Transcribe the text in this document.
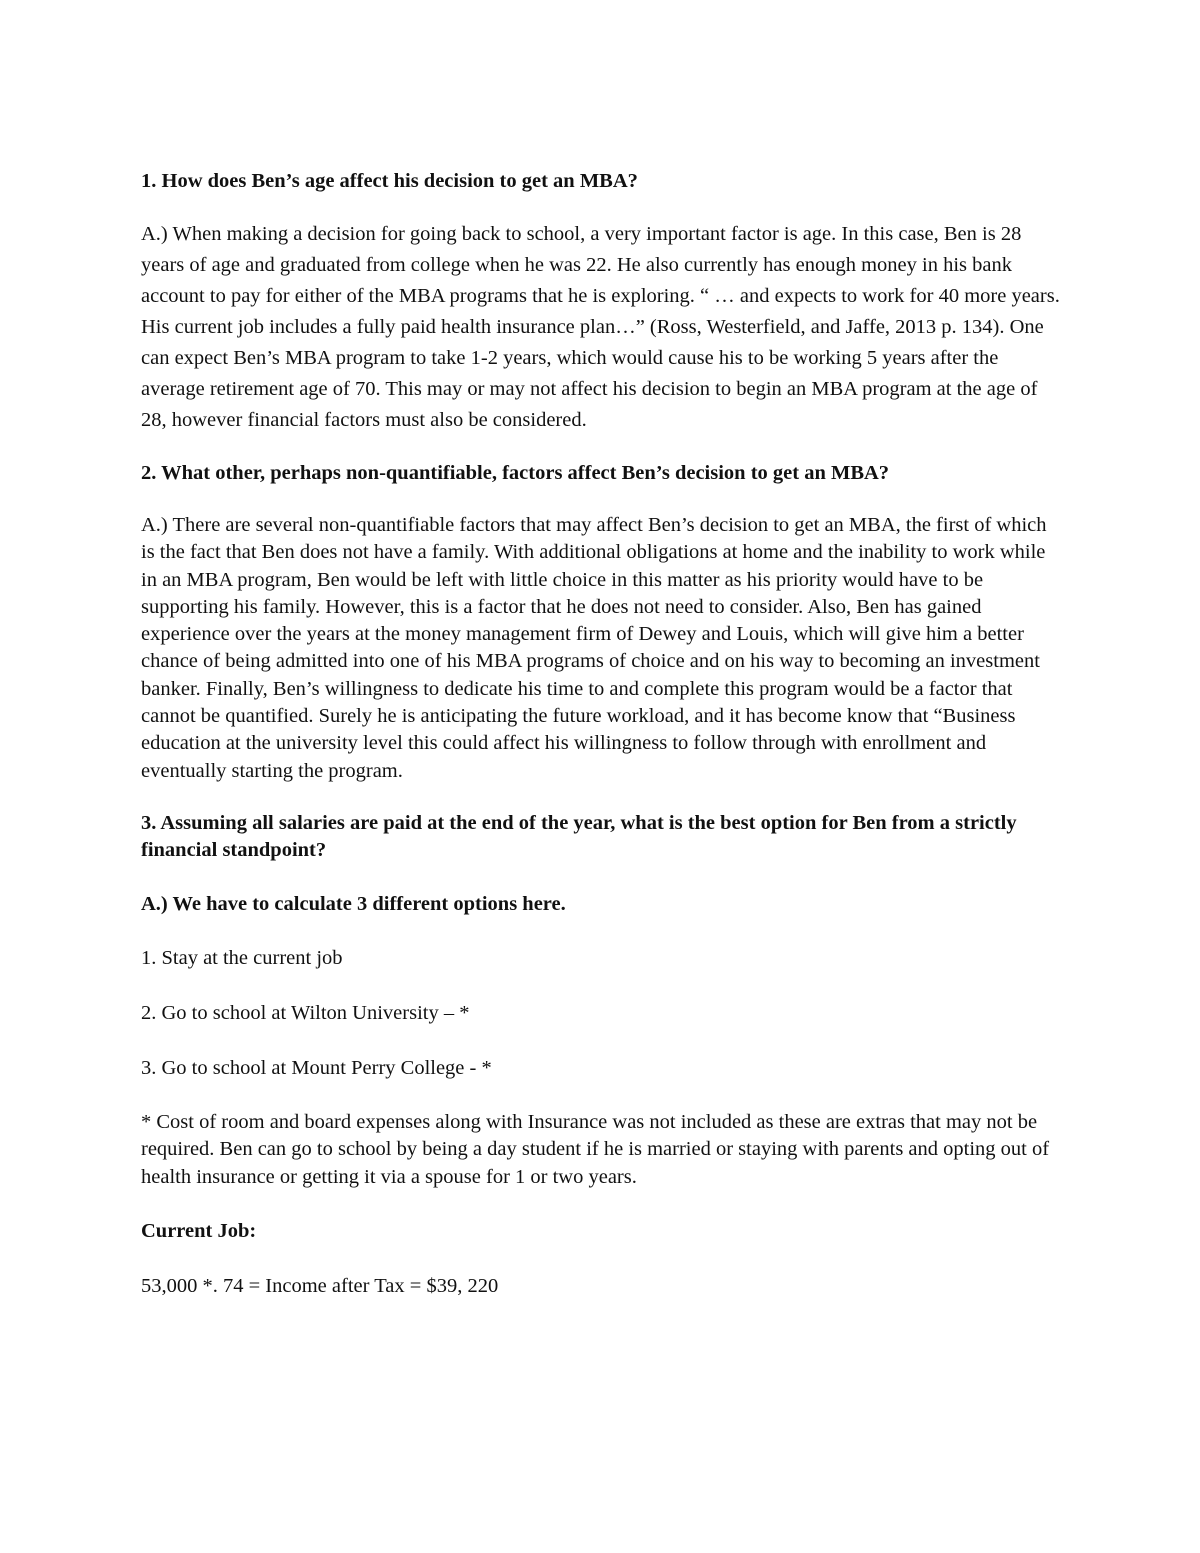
1. How does Ben’s age affect his decision to get an MBA?

A.) When making a decision for going back to school, a very important factor is age. In this case, Ben is 28 years of age and graduated from college when he was 22. He also currently has enough money in his bank account to pay for either of the MBA programs that he is exploring. “ … and expects to work for 40 more years. His current job includes a fully paid health insurance plan…” (Ross, Westerfield, and Jaffe, 2013 p. 134). One can expect Ben’s MBA program to take 1-2 years, which would cause his to be working 5 years after the average retirement age of 70. This may or may not affect his decision to begin an MBA program at the age of 28, however financial factors must also be considered.

2. What other, perhaps non-quantifiable, factors affect Ben’s decision to get an MBA?

A.) There are several non-quantifiable factors that may affect Ben’s decision to get an MBA, the first of which is the fact that Ben does not have a family. With additional obligations at home and the inability to work while in an MBA program, Ben would be left with little choice in this matter as his priority would have to be supporting his family. However, this is a factor that he does not need to consider. Also, Ben has gained experience over the years at the money management firm of Dewey and Louis, which will give him a better chance of being admitted into one of his MBA programs of choice and on his way to becoming an investment banker. Finally, Ben’s willingness to dedicate his time to and complete this program would be a factor that cannot be quantified. Surely he is anticipating the future workload, and it has become know that “Business education at the university level this could affect his willingness to follow through with enrollment and eventually starting the program.

3. Assuming all salaries are paid at the end of the year, what is the best option for Ben from a strictly financial standpoint?

A.) We have to calculate 3 different options here.

1. Stay at the current job

2. Go to school at Wilton University – *

3. Go to school at Mount Perry College - *

* Cost of room and board expenses along with Insurance was not included as these are extras that may not be required. Ben can go to school by being a day student if he is married or staying with parents and opting out of health insurance or getting it via a spouse for 1 or two years.

Current Job:

53,000 *. 74 = Income after Tax = $39, 220
